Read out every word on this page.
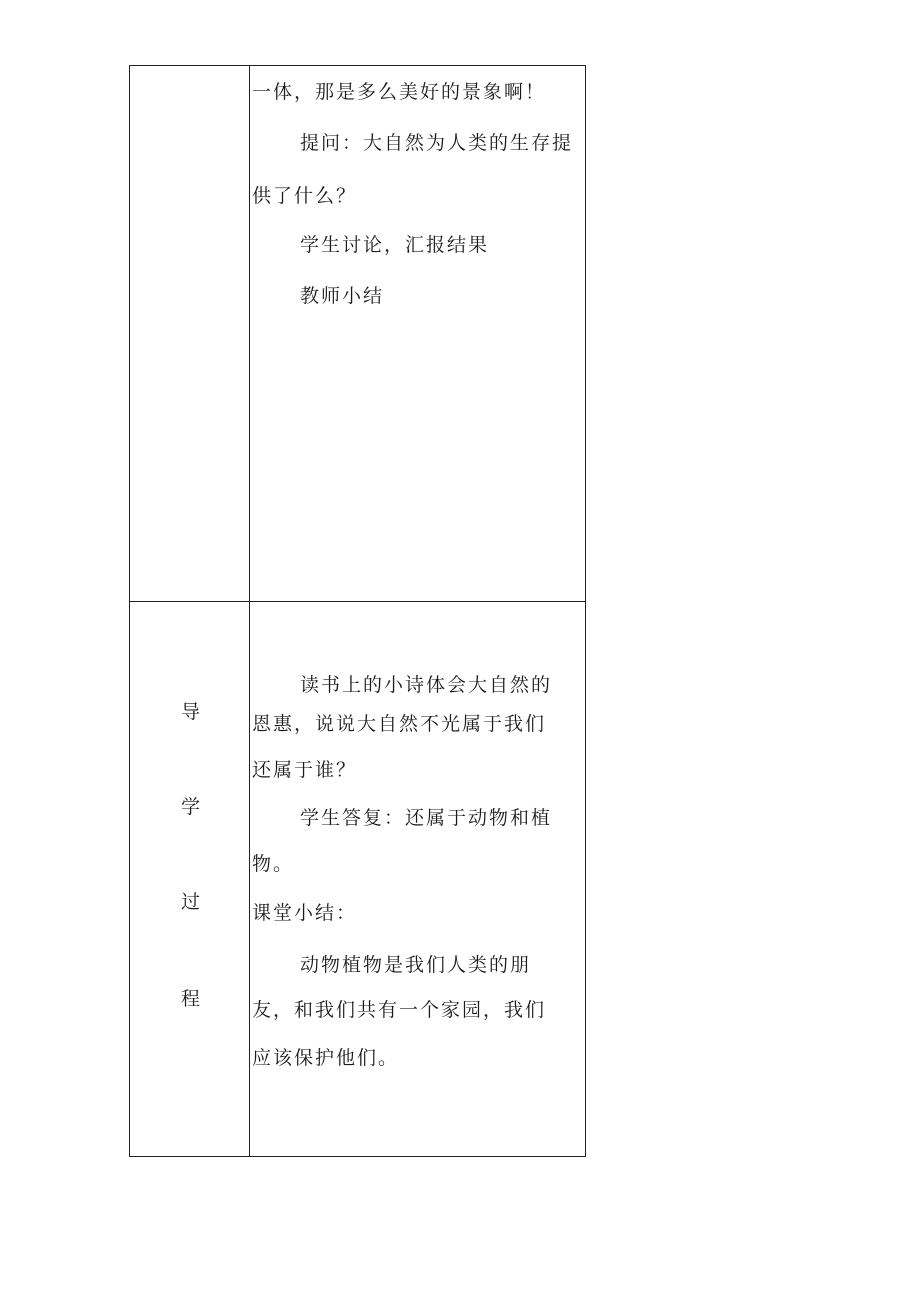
一体，那是多么美好的景象啊！
提问：大自然为人类的生存提
供了什么？
学生讨论，汇报结果
教师小结
导
学
过
程
读书上的小诗体会大自然的
恩惠，说说大自然不光属于我们
还属于谁？
学生答复：还属于动物和植
物。
课堂小结：
动物植物是我们人类的朋
友，和我们共有一个家园，我们
应该保护他们。
